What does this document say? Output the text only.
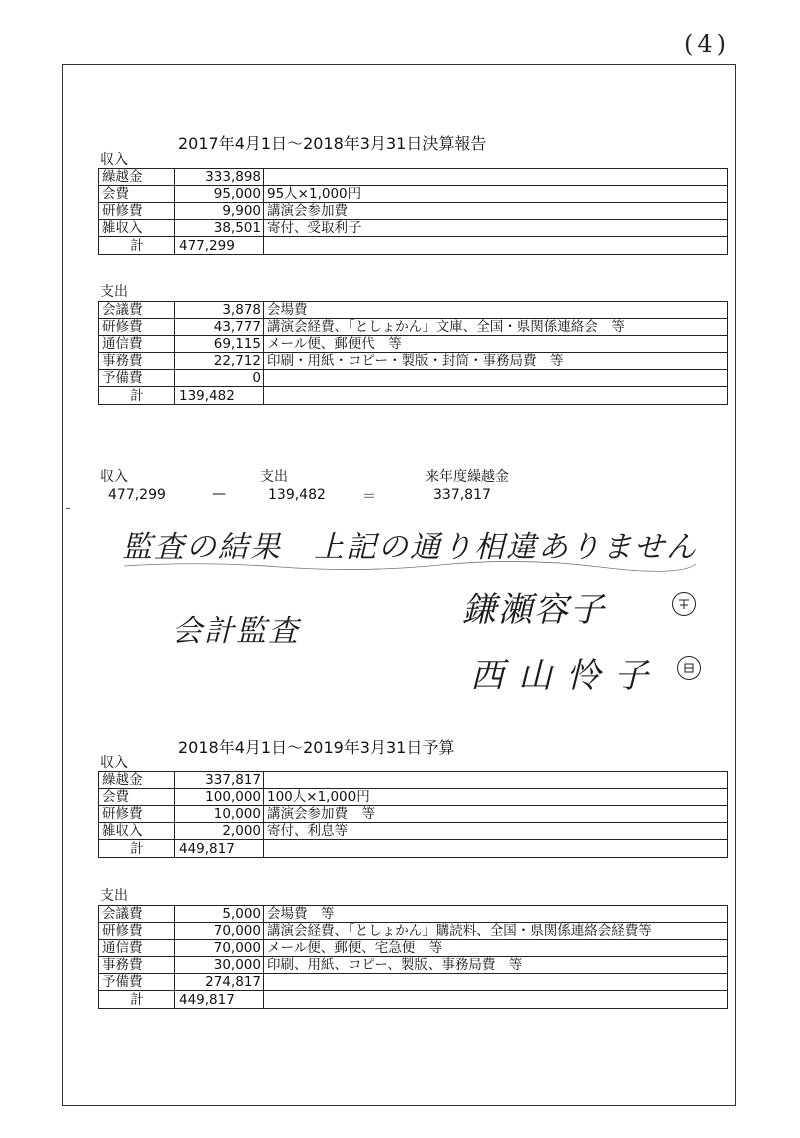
(4)
2017年4月1日～2018年3月31日決算報告
収入
繰越金	333,898	
会費	95,000	95人×1,000円
研修費	9,900	講演会参加費
雑収入	38,501	寄付、受取利子
計	477,299	
支出
会議費	3,878	会場費
研修費	43,777	講演会経費、「としょかん」文庫、全国・県関係連絡会　等
通信費	69,115	メール便、郵便代　等
事務費	22,712	印刷・用紙・コピー・製版・封筒・事務局費　等
予備費	0	
計	139,482	
収入
477,299	—
支出
139,482	＝
来年度繰越金
337,817
監査の結果　上記の通り相違ありません
会計監査
鎌瀬容子
西山怜子
2018年4月1日～2019年3月31日予算
収入
繰越金	337,817	
会費	100,000	100人×1,000円
研修費	10,000	講演会参加費　等
雑収入	2,000	寄付、利息等
計	449,817	
支出
会議費	5,000	会場費　等
研修費	70,000	講演会経費、「としょかん」購読料、全国・県関係連絡会経費等
通信費	70,000	メール便、郵便、宅急便　等
事務費	30,000	印刷、用紙、コピー、製版、事務局費　等
予備費	274,817	
計	449,817	
